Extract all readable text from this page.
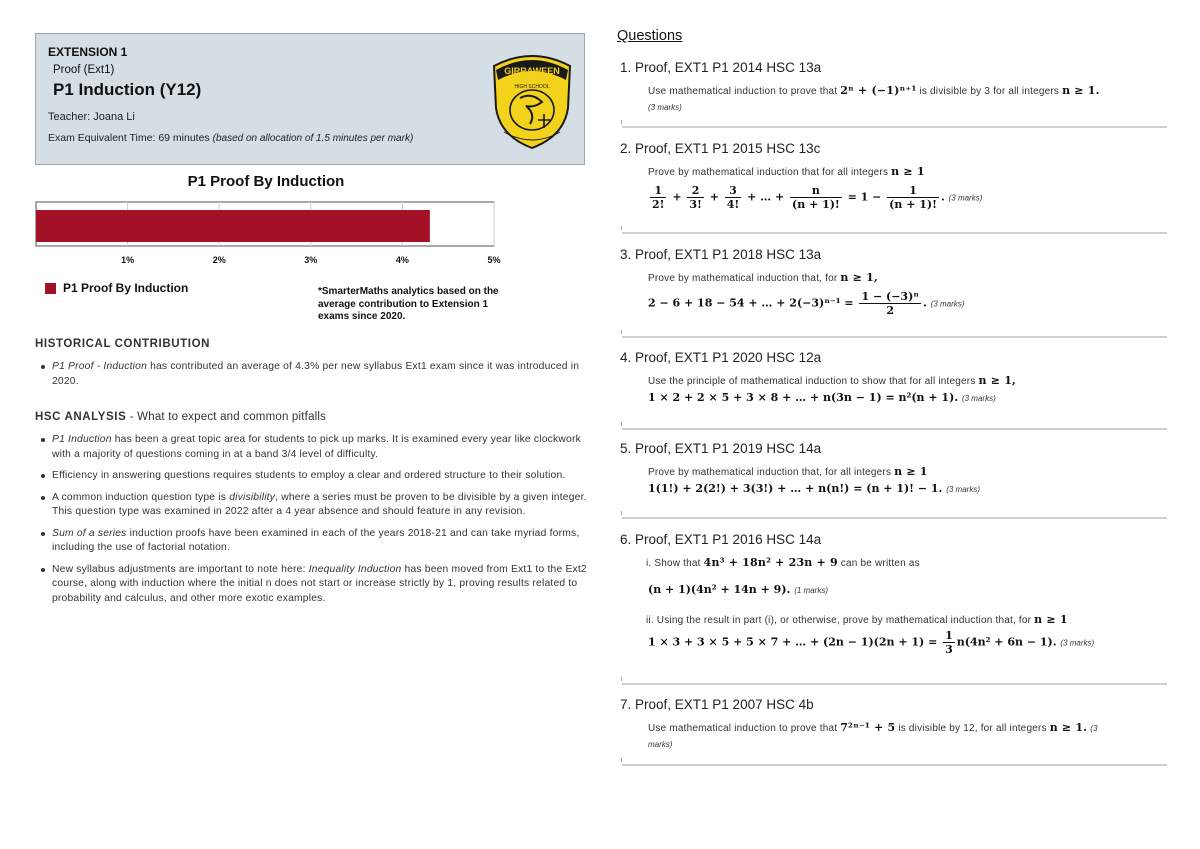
EXTENSION 1
Proof (Ext1)
P1 Induction (Y12)
Teacher: Joana Li
Exam Equivalent Time: 69 minutes (based on allocation of 1.5 minutes per mark)
GIRRAWEEN
HIGH SCHOOL
P1 Proof By Induction
1%	2%	3%	4%	5%
P1 Proof By Induction	*SmarterMaths analytics based on the average contribution to Extension 1 exams since 2020.
HISTORICAL CONTRIBUTION
P1 Proof - Induction has contributed an average of 4.3% per new syllabus Ext1 exam since it was introduced in 2020.
HSC ANALYSIS - What to expect and common pitfalls
P1 Induction has been a great topic area for students to pick up marks. It is examined every year like clockwork with a majority of questions coming in at a band 3/4 level of difficulty.
Efficiency in answering questions requires students to employ a clear and ordered structure to their solution.
A common induction question type is divisibility, where a series must be proven to be divisible by a given integer. This question type was examined in 2022 after a 4 year absence and should feature in any revision.
Sum of a series induction proofs have been examined in each of the years 2018-21 and can take myriad forms, including the use of factorial notation.
New syllabus adjustments are important to note here: Inequality Induction has been moved from Ext1 to the Ext2 course, along with induction where the initial n does not start or increase strictly by 1, proving results related to probability and calculus, and other more exotic examples.
Questions
1. Proof, EXT1 P1 2014 HSC 13a
Use mathematical induction to prove that 2ⁿ + (−1)ⁿ⁺¹ is divisible by 3 for all integers n ≥ 1.
(3 marks)
2. Proof, EXT1 P1 2015 HSC 13c
Prove by mathematical induction that for all integers n ≥ 1
$\frac{1}{2!} + \frac{2}{3!} + \frac{3}{4!}$ + … + $\frac{n}{(n + 1)!} = 1 - \frac{1}{(n + 1)!}$ . (3 marks)
3. Proof, EXT1 P1 2018 HSC 13a
Prove by mathematical induction that, for n ≥ 1,
2 − 6 + 18 − 54 + … + $2(-3)^{n-1} = \frac{\text{1 − (−3)ⁿ}}{2}$ . (3 marks)
4. Proof, EXT1 P1 2020 HSC 12a
Use the principle of mathematical induction to show that for all integers n ≥ 1,
1 × 2 + 2 × 5 + 3 × 8 + … + n(3n − 1) = n²(n + 1). (3 marks)
5. Proof, EXT1 P1 2019 HSC 14a
Prove by mathematical induction that, for all integers n ≥ 1
1(1!) + 2(2!) + 3(3!) + … + n(n!) = (n + 1)! − 1. (3 marks)
6. Proof, EXT1 P1 2016 HSC 14a
i. Show that 4n³ + 18n² + 23n + 9 can be written as
(n + 1)(4n² + 14n + 9). (1 marks)
ii. Using the result in part (i), or otherwise, prove by mathematical induction that, for n ≥ 1
1 × 3 + 3 × 5 + 5 × 7 + … + $(2n - 1)(2n + 1) = \frac{1}{3} n(4n^2 + 6n - 1)$. (3 marks)
7. Proof, EXT1 P1 2007 HSC 4b
Use mathematical induction to prove that 7²ⁿ⁻¹ + 5 is divisible by 12, for all integers n ≥ 1. (3
marks)
